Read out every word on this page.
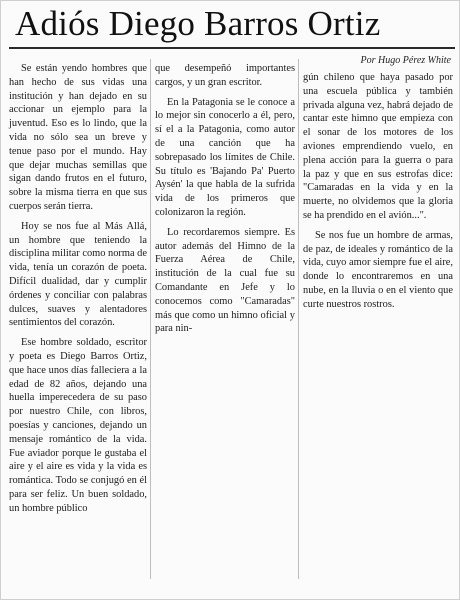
Adiós Diego Barros Ortiz
Por Hugo Pérez White

Se están yendo hombres que han hecho de sus vidas una institución y han dejado en su accionar un ejemplo para la juventud. Eso es lo lindo, que la vida no sólo sea un breve y tenue paso por el mundo. Hay que dejar muchas semillas que sigan dando frutos en el futuro, sobre la misma tierra en que sus cuerpos serán tierra.

Hoy se nos fue al Más Allá, un hombre que teniendo la disciplina militar como norma de vida, tenía un corazón de poeta. Difícil dualidad, dar y cumplir órdenes y conciliar con palabras dulces, suaves y alentadores sentimientos del corazón.

Ese hombre soldado, escritor y poeta es Diego Barros Ortiz, que hace unos días falleciera a la edad de 82 años, dejando una huella imperecedera de su paso por nuestro Chile, con libros, poesías y canciones, dejando un mensaje romántico de la vida. Fue aviador porque le gustaba el aire y el aire es vida y la vida es romántica. Todo se conjugó en él para ser feliz. Un buen soldado, un hombre público

que desempeñó importantes cargos, y un gran escritor.

En la Patagonia se le conoce a lo mejor sin conocerlo a él, pero, sí el a la Patagonia, como autor de una canción que ha sobrepasado los límites de Chile. Su título es 'Bajando Pa' Puerto Aysén' la que habla de la sufrida vida de los primeros que colonizaron la región.

Lo recordaremos siempre. Es autor además del Himno de la Fuerza Aérea de Chile, institución de la cual fue su Comandante en Jefe y lo conocemos como "Camaradas" más que como un himno oficial y para nin-

gún chileno que haya pasado por una escuela pública y también privada alguna vez, habrá dejado de cantar este himno que empieza con el sonar de los motores de los aviones emprendiendo vuelo, en plena acción para la guerra o para la paz y que en sus estrofas dice: "Camaradas en la vida y en la muerte, no olvidemos que la gloria se ha prendido en el avión...".

Se nos fue un hombre de armas, de paz, de ideales y romántico de la vida, cuyo amor siempre fue el aire, donde lo encontraremos en una nube, en la lluvia o en el viento que curte nuestros rostros.
